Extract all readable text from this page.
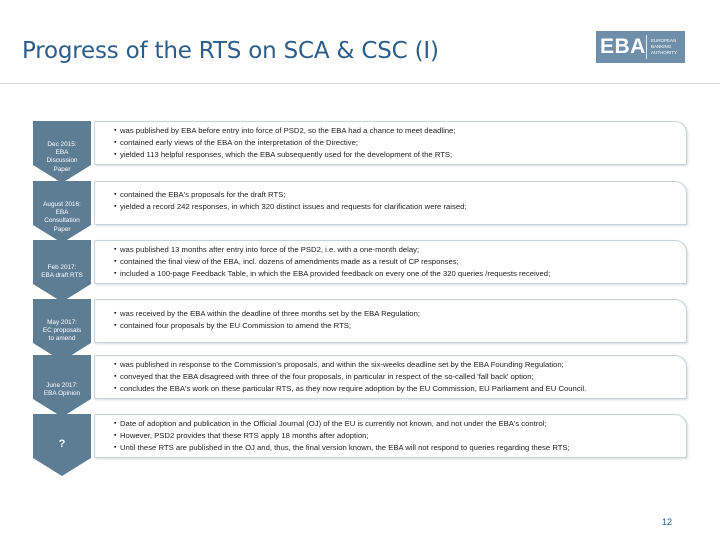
Progress of the RTS on SCA & CSC (I)	EBA EUROPEAN
BANKING
AUTHORITY
Dec 2015:
EBA
Discussion
Paper
▪ was published by EBA before entry into force of PSD2, so the EBA had a chance to meet deadline;
▪ contained early views of the EBA on the interpretation of the Directive;
▪ yielded 113 helpful responses, which the EBA subsequently used for the development of the RTS;
August 2016:
EBA
Consultation
Paper
▪ contained the EBA's proposals for the draft RTS;
▪ yielded a record 242 responses, in which 320 distinct issues and requests for clarification were raised;
Feb 2017:
EBA draft RTS
▪ was published 13 months after entry into force of the PSD2, i.e. with a one-month delay;
▪ contained the final view of the EBA, incl. dozens of amendments made as a result of CP responses;
▪ included a 100-page Feedback Table, in which the EBA provided feedback on every one of the 320 queries /requests received;
May 2017:
EC proposals
to amend
▪ was received by the EBA within the deadline of three months set by the EBA Regulation;
▪ contained four proposals by the EU Commission to amend the RTS;
June 2017:
EBA Opinion
▪ was published in response to the Commission's proposals, and within the six-weeks deadline set by the EBA Founding Regulation;
▪ conveyed that the EBA disagreed with three of the four proposals, in particular in respect of the so-called 'fall back' option;
▪ concludes the EBA's work on these particular RTS, as they now require adoption by the EU Commission, EU Parliament and EU Council.
?
▪ Date of adoption and publication in the Official Journal (OJ) of the EU is currently not known, and not under the EBA's control;
▪ However, PSD2 provides that these RTS apply 18 months after adoption;
▪ Until these RTS are published in the OJ and, thus, the final version known, the EBA will not respond to queries regarding these RTS;
12
